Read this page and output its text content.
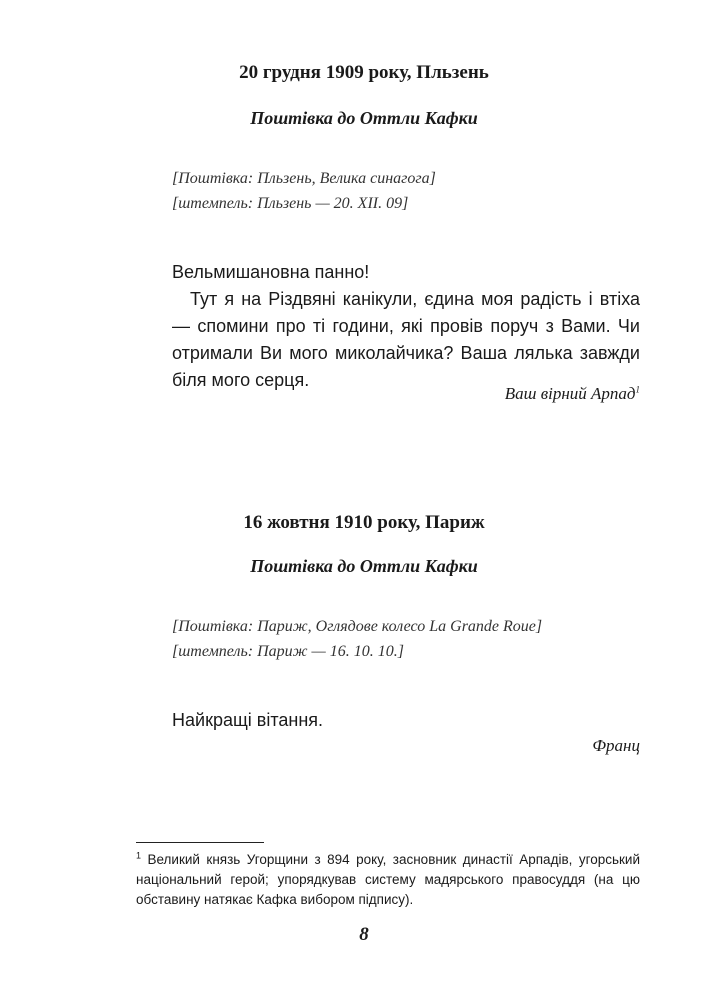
20 грудня 1909 року, Пльзень
Поштівка до Оттли Кафки
[Поштівка: Пльзень, Велика синагога]
[штемпель: Пльзень — 20. XII. 09]

Вельмишановна панно!

Тут я на Різдвяні канікули, єдина моя радість і втіха — спомини про ті години, які провів поруч з Вами. Чи отримали Ви мого миколайчика? Ваша лялька завжди біля мого серця.

Ваш вірний Арпад$^1$
16 жовтня 1910 року, Париж
Поштівка до Оттли Кафки
[Поштівка: Париж, Оглядове колесо La Grande Roue]
[штемпель: Париж — 16. 10. 10.]

Найкращі вітання.

Франц
$^1$ Великий князь Угорщини з 894 року, засновник династії Арпадів, угорський національний герой; упорядкував систему мадярського правосуддя (на цю обставину натякає Кафка вибором підпису).
8
